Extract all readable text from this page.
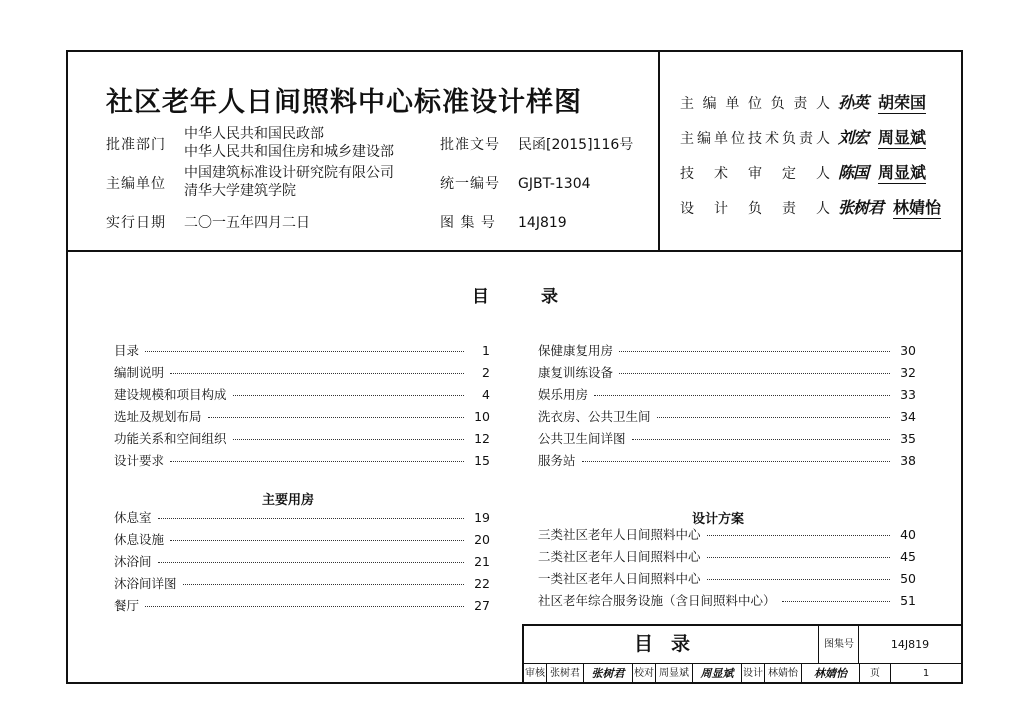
社区老年人日间照料中心标准设计样图
批准部门
中华人民共和国民政部
中华人民共和国住房和城乡建设部	批准文号 民函[2015]116号
主编单位
中国建筑标准设计研究院有限公司
清华大学建筑学院	统一编号 GJBT-1304
实行日期 二〇一五年四月二日	图 集 号 14J819
主编单位负责人 孙英 胡荣国
主编单位技术负责人 刘宏 周显斌
技术审定人 陈国 周显斌
设计负责人 张树君 林婧怡
目录
目录	1
编制说明	2
建设规模和项目构成	4
选址及规划布局	10
功能关系和空间组织	12
设计要求	15
主要用房
休息室	19
休息设施	20
沐浴间	21
沐浴间详图	22
餐厅	27
保健康复用房	30
康复训练设备	32
娱乐用房	33
洗衣房、公共卫生间	34
公共卫生间详图	35
服务站	38
设计方案
三类社区老年人日间照料中心	40
二类社区老年人日间照料中心	45
一类社区老年人日间照料中心	50
社区老年综合服务设施（含日间照料中心）	51
目录	图集号	14J819
审核 张树君	张树君 校对 周显斌	周显斌 设计 林婧怡	林婧怡	页	1
